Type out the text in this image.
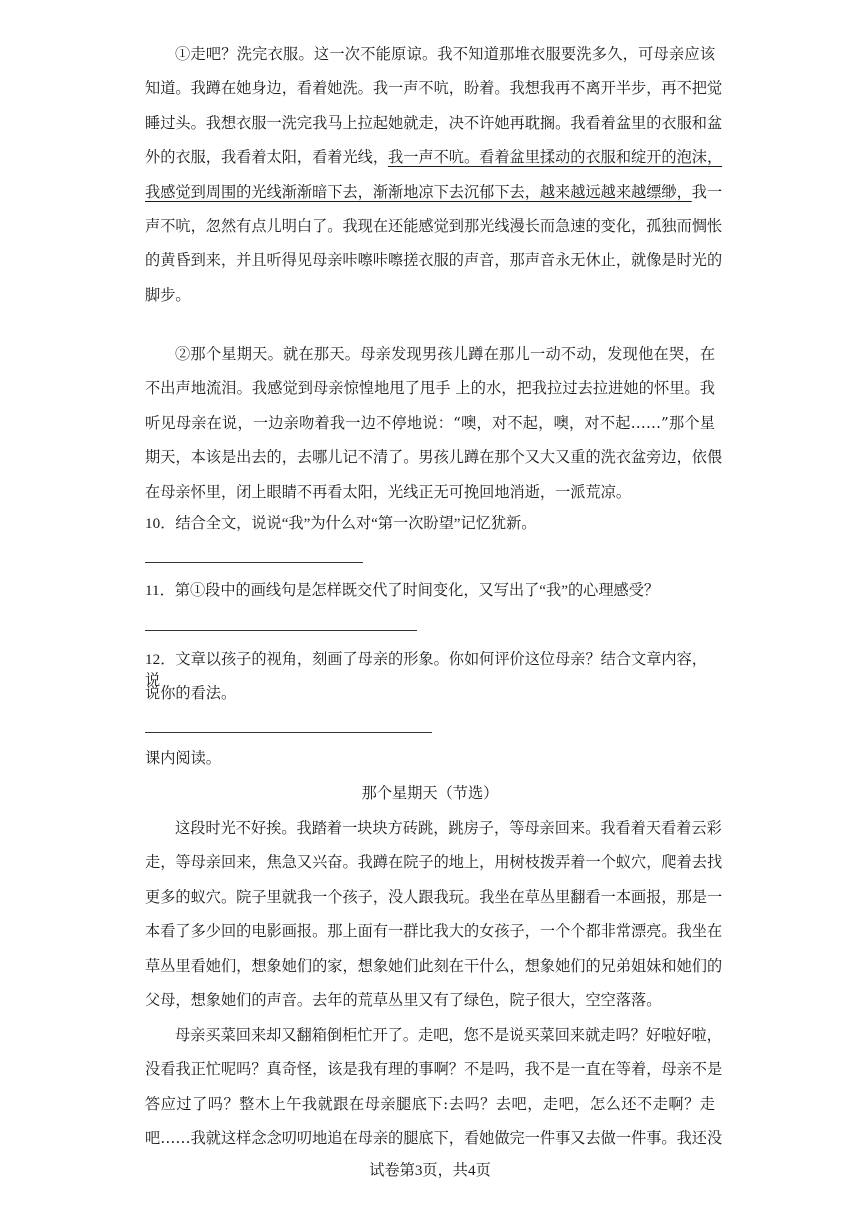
①走吧？洗完衣服。这一次不能原谅。我不知道那堆衣服要洗多久，可母亲应该
知道。我蹲在她身边，看着她洗。我一声不吭，盼着。我想我再不离开半步，再不把觉
睡过头。我想衣服一洗完我马上拉起她就走，决不许她再耽搁。我看着盆里的衣服和盆
外的衣服，我看着太阳，看着光线，我一声不吭。看着盆里揉动的衣服和绽开的泡沫，
我感觉到周围的光线渐渐暗下去，渐渐地凉下去沉郁下去，越来越远越来越缥缈，我一
声不吭，忽然有点儿明白了。我现在还能感觉到那光线漫长而急速的变化，孤独而惆怅
的黄昏到来，并且听得见母亲咔嚓咔嚓搓衣服的声音，那声音永无休止，就像是时光的
脚步。
②那个星期天。就在那天。母亲发现男孩儿蹲在那儿一动不动，发现他在哭，在
不出声地流泪。我感觉到母亲惊惶地甩了甩手 上的水，把我拉过去拉进她的怀里。我
听见母亲在说，一边亲吻着我一边不停地说：“噢，对不起，噢，对不起……”那个星
期天，本该是出去的，去哪儿记不清了。男孩儿蹲在那个又大又重的洗衣盆旁边，依偎
在母亲怀里，闭上眼睛不再看太阳，光线正无可挽回地消逝，一派荒凉。
10．结合全文，说说“我”为什么对“第一次盼望”记忆犹新。
11．第①段中的画线句是怎样既交代了时间变化，又写出了“我”的心理感受？
12．文章以孩子的视角，刻画了母亲的形象。你如何评价这位母亲？结合文章内容，说
说你的看法。
课内阅读。
那个星期天（节选）
这段时光不好挨。我踏着一块块方砖跳，跳房子，等母亲回来。我看着天看着云彩
走，等母亲回来，焦急又兴奋。我蹲在院子的地上，用树枝拨弄着一个蚁穴，爬着去找
更多的蚁穴。院子里就我一个孩子，没人跟我玩。我坐在草丛里翻看一本画报，那是一
本看了多少回的电影画报。那上面有一群比我大的女孩子，一个个都非常漂亮。我坐在
草丛里看她们，想象她们的家，想象她们此刻在干什么，想象她们的兄弟姐妹和她们的
父母，想象她们的声音。去年的荒草丛里又有了绿色，院子很大，空空落落。
母亲买菜回来却又翻箱倒柜忙开了。走吧，您不是说买菜回来就走吗？好啦好啦，
没看我正忙呢吗？真奇怪，该是我有理的事啊？不是吗，我不是一直在等着，母亲不是
答应过了吗？整木上午我就跟在母亲腿底下:去吗？去吧，走吧，怎么还不走啊？走
吧……我就这样念念叨叨地追在母亲的腿底下，看她做完一件事又去做一件事。我还没
试卷第3页，共4页
